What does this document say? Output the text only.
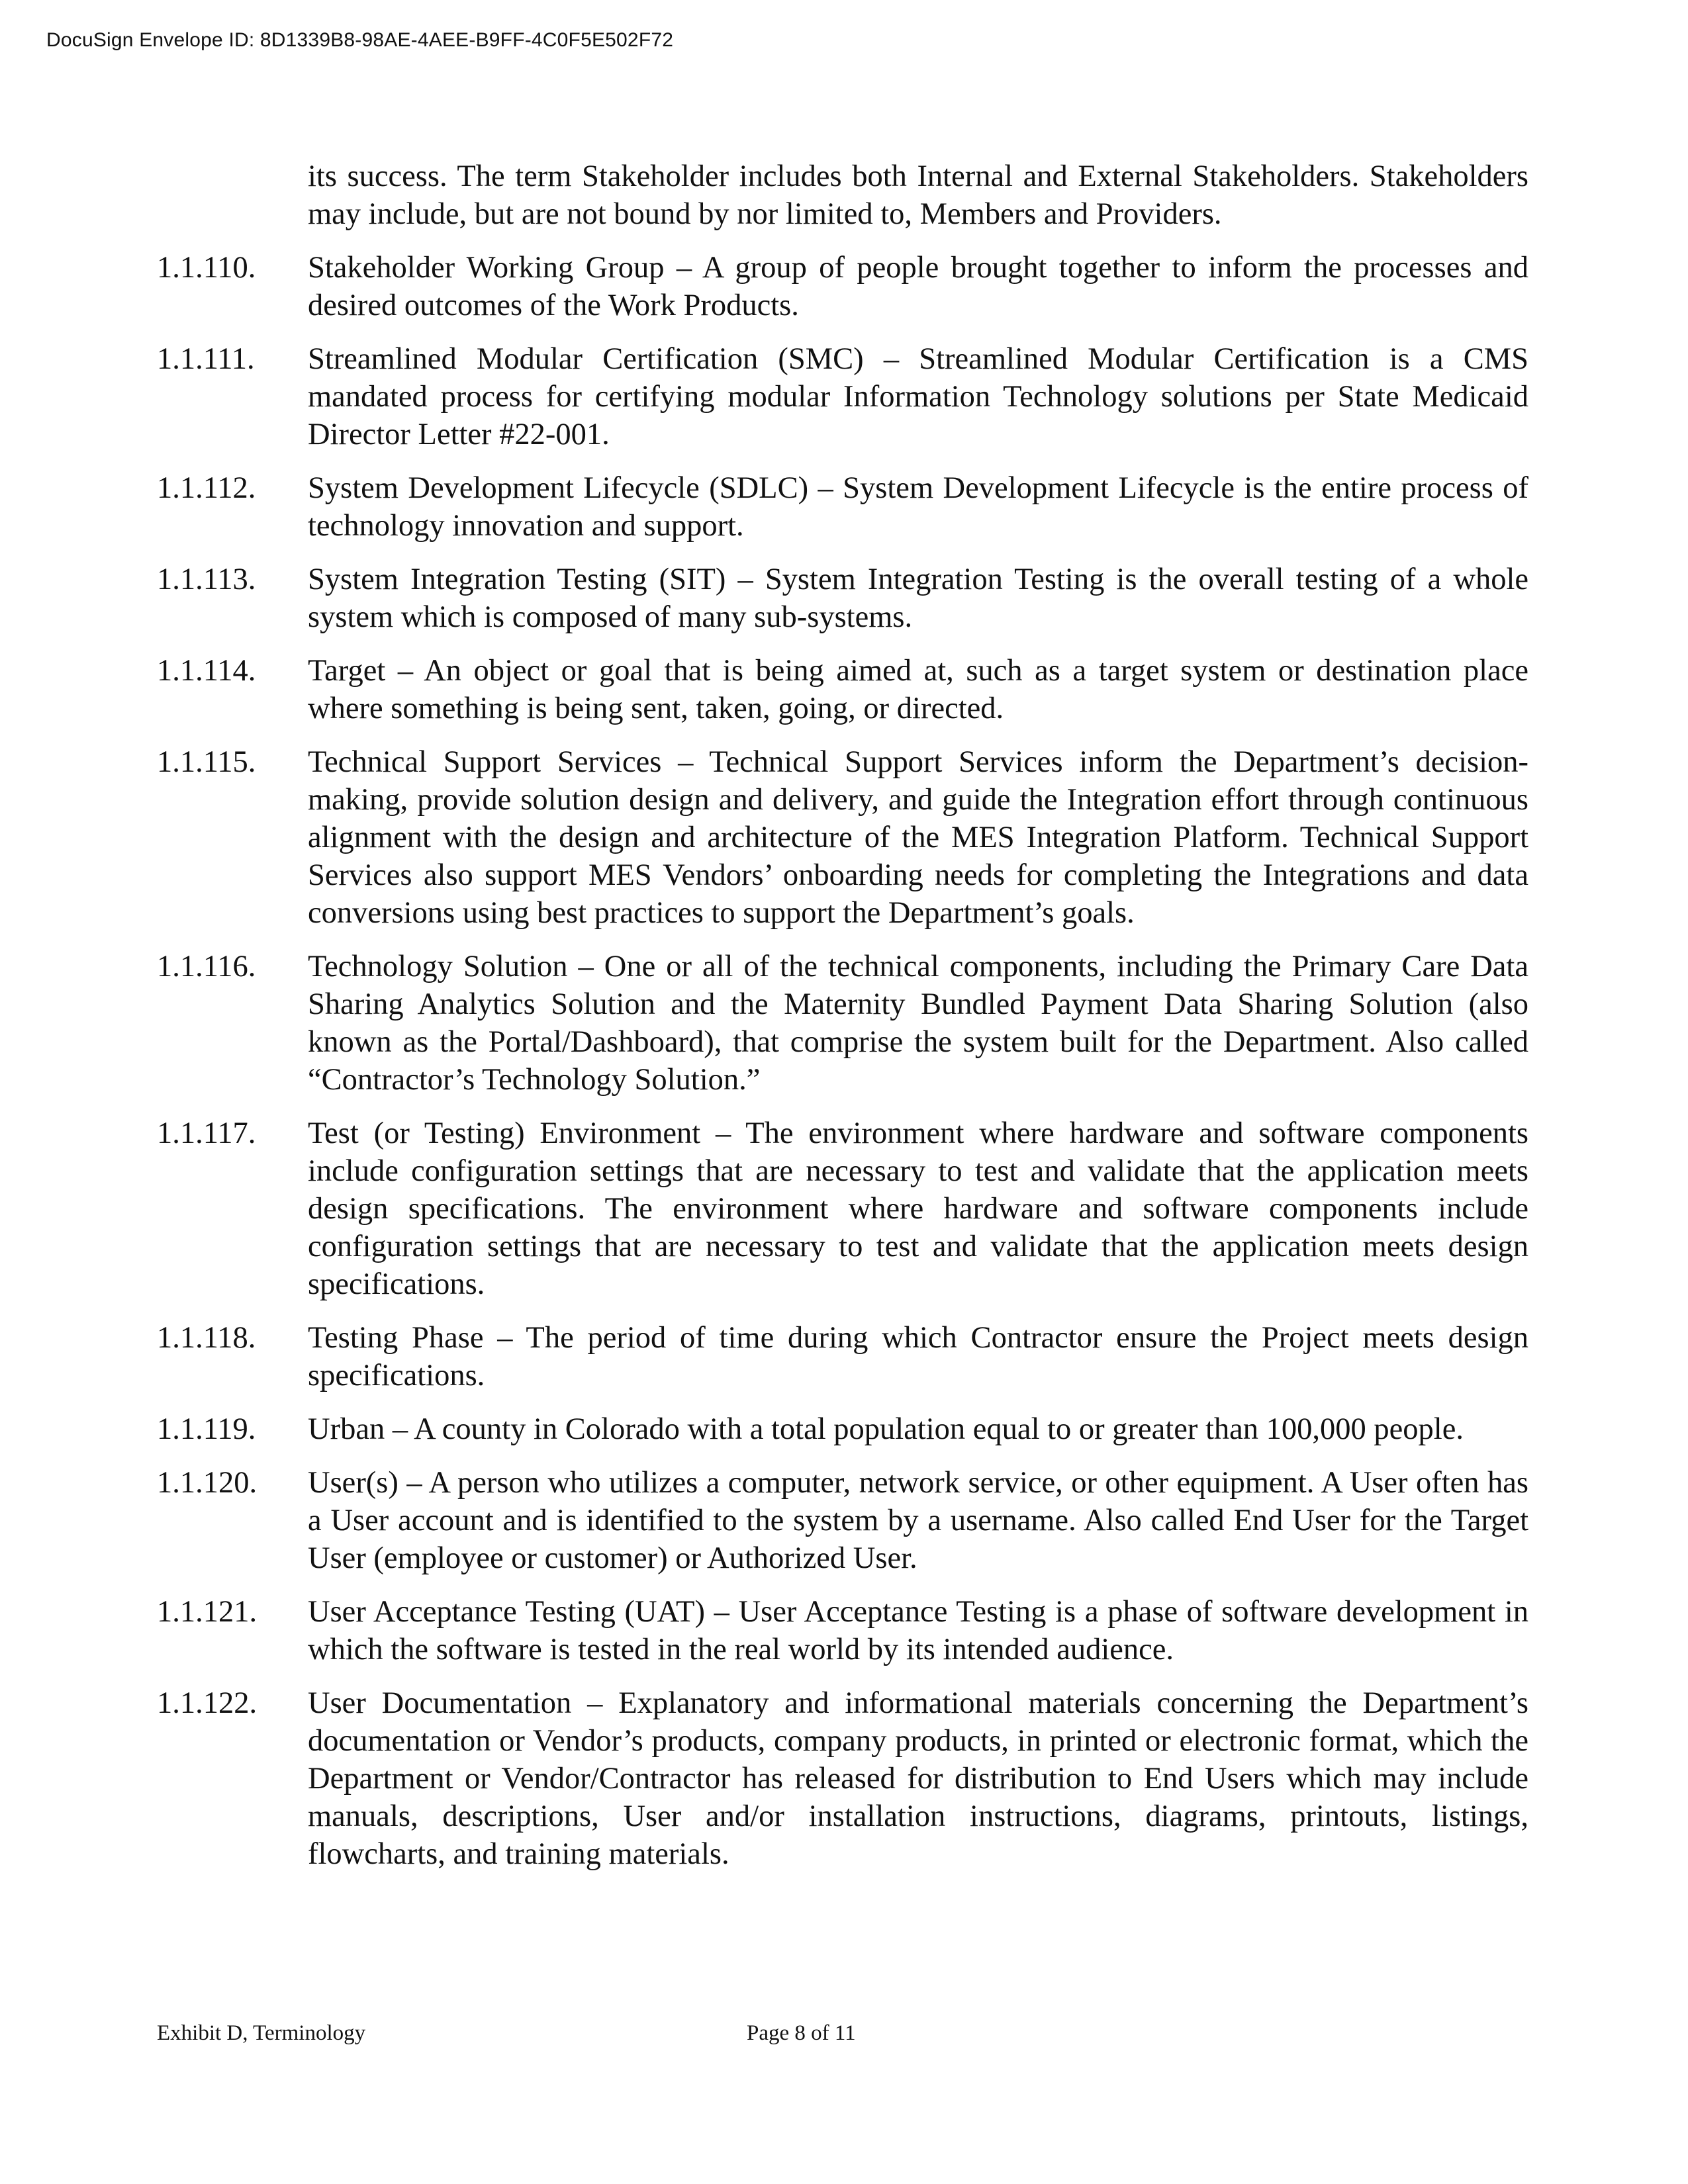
DocuSign Envelope ID: 8D1339B8-98AE-4AEE-B9FF-4C0F5E502F72
its success. The term Stakeholder includes both Internal and External Stakeholders. Stakeholders may include, but are not bound by nor limited to, Members and Providers.
1.1.110.	Stakeholder Working Group – A group of people brought together to inform the processes and desired outcomes of the Work Products.
1.1.111.	Streamlined Modular Certification (SMC) – Streamlined Modular Certification is a CMS mandated process for certifying modular Information Technology solutions per State Medicaid Director Letter #22-001.
1.1.112.	System Development Lifecycle (SDLC) – System Development Lifecycle is the entire process of technology innovation and support.
1.1.113.	System Integration Testing (SIT) – System Integration Testing is the overall testing of a whole system which is composed of many sub-systems.
1.1.114.	Target – An object or goal that is being aimed at, such as a target system or destination place where something is being sent, taken, going, or directed.
1.1.115.	Technical Support Services – Technical Support Services inform the Department’s decision-making, provide solution design and delivery, and guide the Integration effort through continuous alignment with the design and architecture of the MES Integration Platform. Technical Support Services also support MES Vendors’ onboarding needs for completing the Integrations and data conversions using best practices to support the Department’s goals.
1.1.116.	Technology Solution – One or all of the technical components, including the Primary Care Data Sharing Analytics Solution and the Maternity Bundled Payment Data Sharing Solution (also known as the Portal/Dashboard), that comprise the system built for the Department. Also called “Contractor’s Technology Solution.”
1.1.117.	Test (or Testing) Environment – The environment where hardware and software components include configuration settings that are necessary to test and validate that the application meets design specifications. The environment where hardware and software components include configuration settings that are necessary to test and validate that the application meets design specifications.
1.1.118.	Testing Phase – The period of time during which Contractor ensure the Project meets design specifications.
1.1.119.	Urban – A county in Colorado with a total population equal to or greater than 100,000 people.
1.1.120.	User(s) – A person who utilizes a computer, network service, or other equipment. A User often has a User account and is identified to the system by a username. Also called End User for the Target User (employee or customer) or Authorized User.
1.1.121.	User Acceptance Testing (UAT) – User Acceptance Testing is a phase of software development in which the software is tested in the real world by its intended audience.
1.1.122.	User Documentation – Explanatory and informational materials concerning the Department’s documentation or Vendor’s products, company products, in printed or electronic format, which the Department or Vendor/Contractor has released for distribution to End Users which may include manuals, descriptions, User and/or installation instructions, diagrams, printouts, listings, flowcharts, and training materials.
Exhibit D, Terminology	Page 8 of 11
